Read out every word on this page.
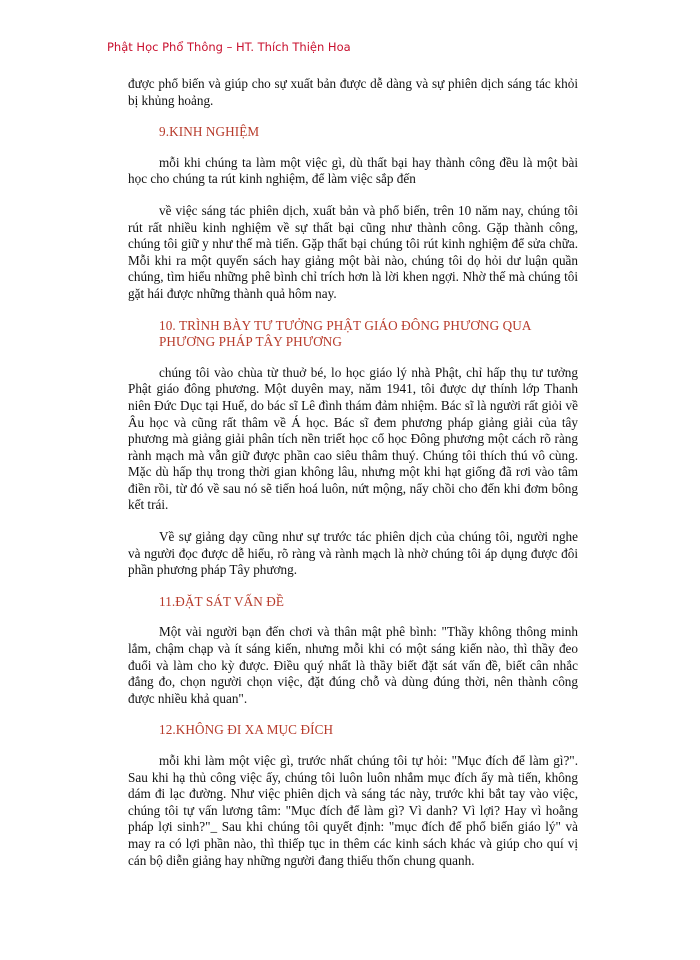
Phật Học Phổ Thông – HT. Thích Thiện Hoa

được phổ biến và giúp cho sự xuất bản được dễ dàng và sự phiên dịch sáng tác khỏi bị khủng hoảng.

9.KINH NGHIỆM

mỗi khi chúng ta làm một việc gì, dù thất bại hay thành công đều là một bài học cho chúng ta rút kinh nghiệm, để làm việc sắp đến

về việc sáng tác phiên dịch, xuất bản và phổ biến, trên 10 năm nay, chúng tôi rút rất nhiều kinh nghiệm về sự thất bại cũng như thành công. Gặp thành công, chúng tôi giữ y như thế mà tiến. Gặp thất bại chúng tôi rút kinh nghiệm để sửa chữa. Mỗi khi ra một quyển sách hay giảng một bài nào, chúng tôi dọ hỏi dư luận quần chúng, tìm hiểu những phê bình chỉ trích hơn là lời khen ngợi. Nhờ thế mà chúng tôi gặt hái được những thành quả hôm nay.

10. TRÌNH BÀY TƯ TƯỞNG PHẬT GIÁO ĐÔNG PHƯƠNG QUA PHƯƠNG PHÁP TÂY PHƯƠNG

chúng tôi vào chùa từ thuở bé, lo học giáo lý nhà Phật, chỉ hấp thụ tư tưởng Phật giáo đông phương. Một duyên may, năm 1941, tôi được dự thính lớp Thanh niên Đức Dục tại Huế, do bác sĩ Lê đình thám đảm nhiệm. Bác sĩ là người rất giỏi về Âu học và cũng rất thâm về Á học. Bác sĩ đem phương pháp giảng giải của tây phương mà giảng giải phân tích nền triết học cổ học Đông phương một cách rõ ràng rành mạch mà vẫn giữ được phần cao siêu thâm thuý. Chúng tôi thích thú vô cùng. Mặc dù hấp thụ trong thời gian không lâu, nhưng một khi hạt giống đã rơi vào tâm điền rồi, từ đó về sau nó sẽ tiến hoá luôn, nứt mộng, nẩy chồi cho đến khi đơm bông kết trái.

Về sự giảng dạy cũng như sự trước tác phiên dịch của chúng tôi, người nghe và người đọc được dễ hiểu, rõ ràng và rành mạch là nhờ chúng tôi áp dụng được đôi phần phương pháp Tây phương.

11.ĐẶT SÁT VẤN ĐỀ

Một vài người bạn đến chơi và thân mật phê bình: "Thầy không thông minh lắm, chậm chạp và ít sáng kiến, nhưng mỗi khi có một sáng kiến nào, thì thầy đeo đuổi và làm cho kỳ được. Điều quý nhất là thầy biết đặt sát vấn đề, biết cân nhắc đắng đo, chọn người chọn việc, đặt đúng chỗ và dùng đúng thời, nên thành công được nhiều khả quan".

12.KHÔNG ĐI XA MỤC ĐÍCH

mỗi khi làm một việc gì, trước nhất chúng tôi tự hỏi: "Mục đích để làm gì?". Sau khi hạ thủ công việc ấy, chúng tôi luôn luôn nhắm mục đích ấy mà tiến, không dám đi lạc đường. Như việc phiên dịch và sáng tác này, trước khi bắt tay vào việc, chúng tôi tự vấn lương tâm: "Mục đích để làm gì? Vì danh? Vì lợi? Hay vì hoằng pháp lợi sinh?"_ Sau khi chúng tôi quyết định: "mục đích để phổ biến giáo lý" và may ra có lợi phần nào, thì thiếp tục in thêm các kinh sách khác và giúp cho quí vị cán bộ diễn giảng hay những người đang thiếu thốn chung quanh.
